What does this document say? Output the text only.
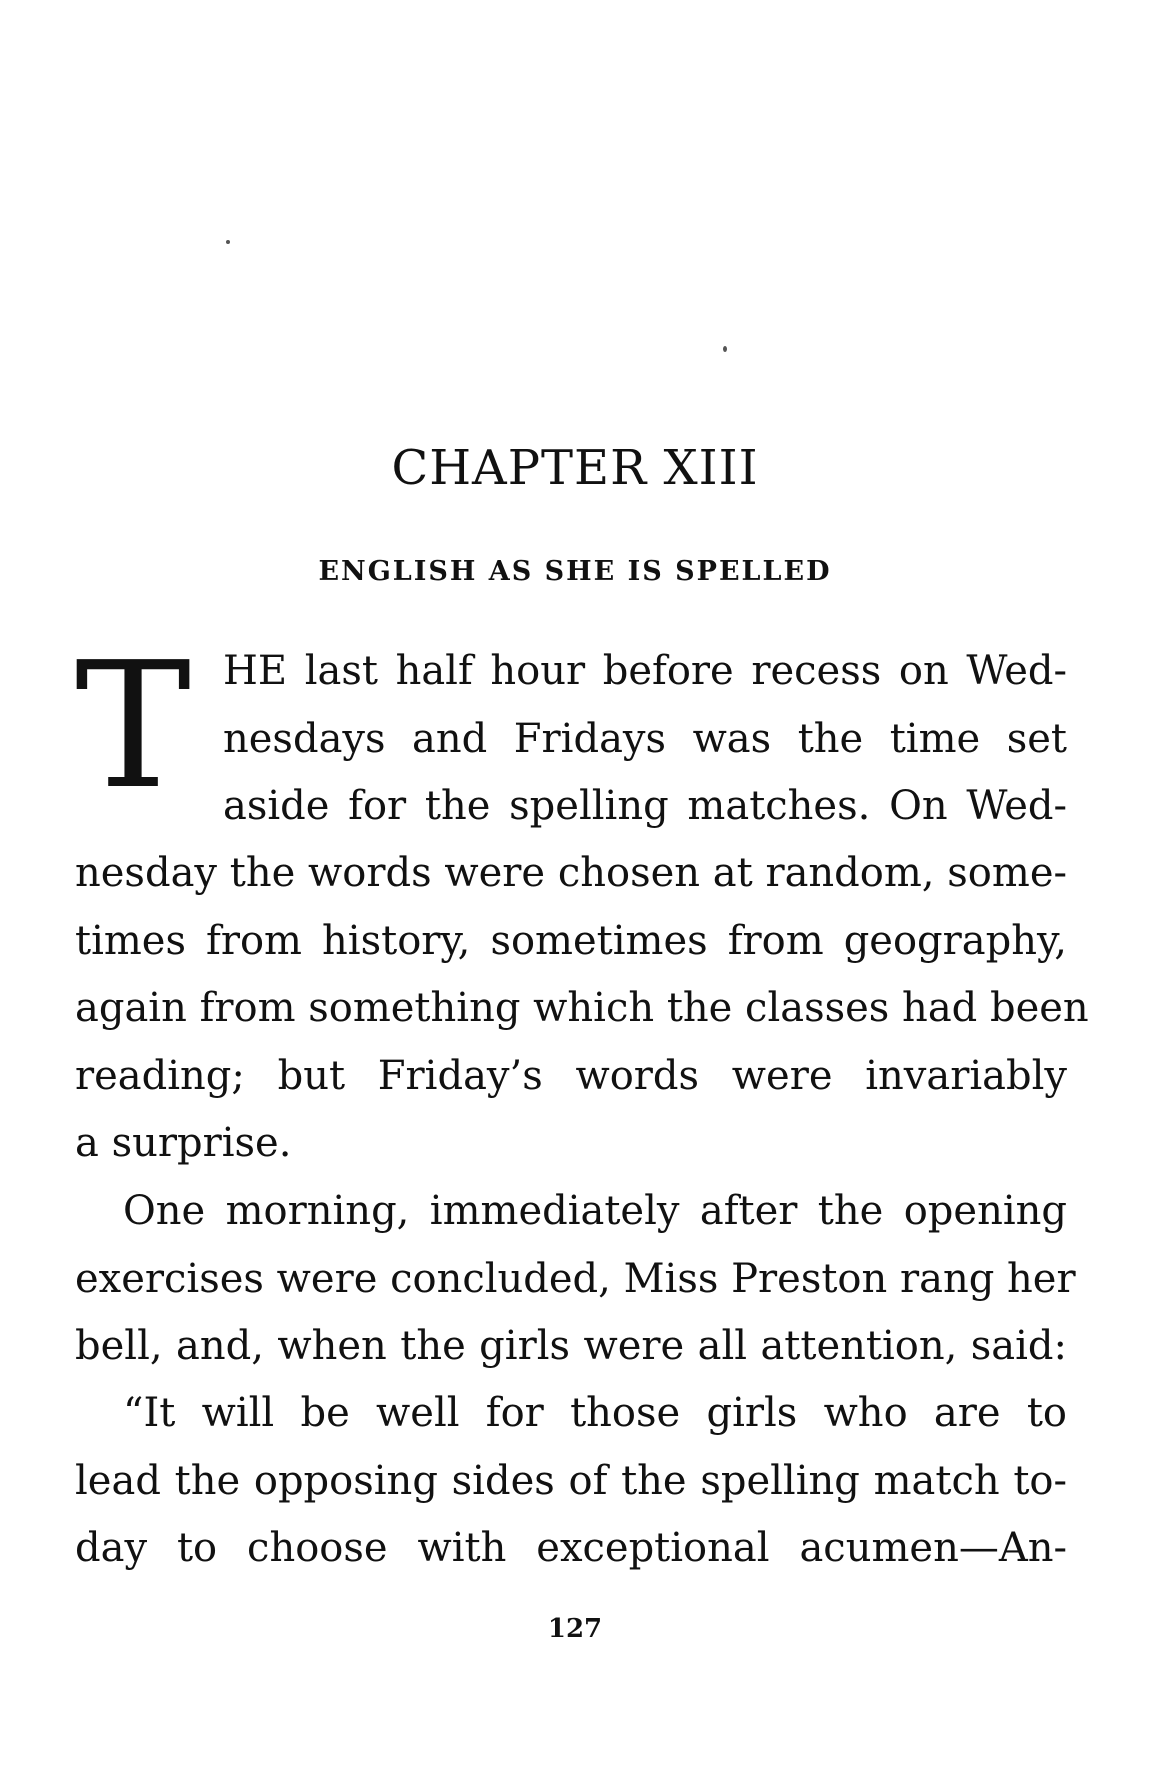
CHAPTER XIII
ENGLISH AS SHE IS SPELLED
T HE last half hour before recess on Wed-
nesdays and Fridays was the time set
aside for the spelling matches. On Wed-
nesday the words were chosen at random, some-
times from history, sometimes from geography,
again from something which the classes had been
reading; but Friday’s words were invariably
a surprise.
One morning, immediately after the opening
exercises were concluded, Miss Preston rang her
bell, and, when the girls were all attention, said:
“It will be well for those girls who are to
lead the opposing sides of the spelling match to-
day to choose with exceptional acumen—An-
127
